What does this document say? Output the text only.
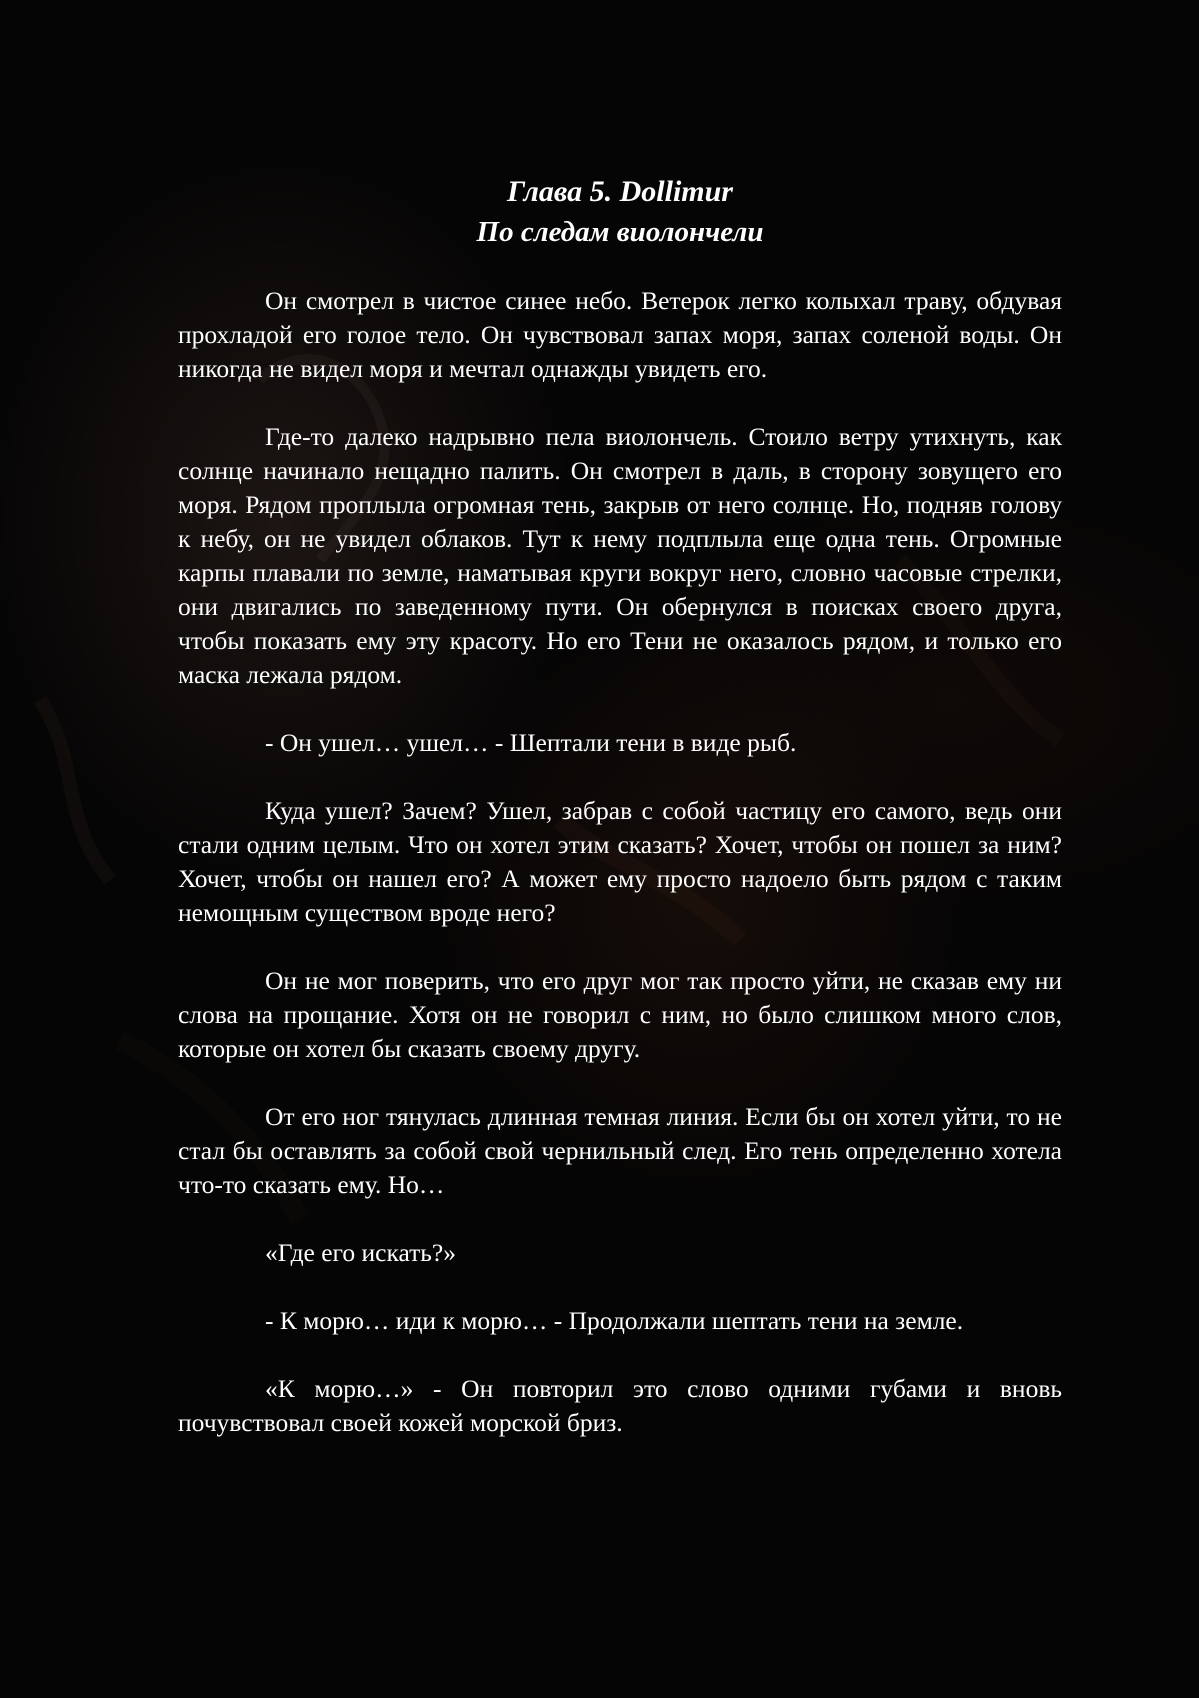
Глава 5. Dollimur
По следам виолончели

Он смотрел в чистое синее небо. Ветерок легко колыхал траву, обдувая прохладой его голое тело. Он чувствовал запах моря, запах соленой воды. Он никогда не видел моря и мечтал однажды увидеть его.

Где-то далеко надрывно пела виолончель. Стоило ветру утихнуть, как солнце начинало нещадно палить. Он смотрел в даль, в сторону зовущего его моря. Рядом проплыла огромная тень, закрыв от него солнце. Но, подняв голову к небу, он не увидел облаков. Тут к нему подплыла еще одна тень. Огромные карпы плавали по земле, наматывая круги вокруг него, словно часовые стрелки, они двигались по заведенному пути. Он обернулся в поисках своего друга, чтобы показать ему эту красоту. Но его Тени не оказалось рядом, и только его маска лежала рядом.

- Он ушел… ушел… - Шептали тени в виде рыб.

Куда ушел? Зачем? Ушел, забрав с собой частицу его самого, ведь они стали одним целым. Что он хотел этим сказать? Хочет, чтобы он пошел за ним? Хочет, чтобы он нашел его? А может ему просто надоело быть рядом с таким немощным существом вроде него?

Он не мог поверить, что его друг мог так просто уйти, не сказав ему ни слова на прощание. Хотя он не говорил с ним, но было слишком много слов, которые он хотел бы сказать своему другу.

От его ног тянулась длинная темная линия. Если бы он хотел уйти, то не стал бы оставлять за собой свой чернильный след. Его тень определенно хотела что-то сказать ему. Но…

«Где его искать?»

- К морю… иди к морю… - Продолжали шептать тени на земле.

«К морю…» - Он повторил это слово одними губами и вновь почувствовал своей кожей морской бриз.
